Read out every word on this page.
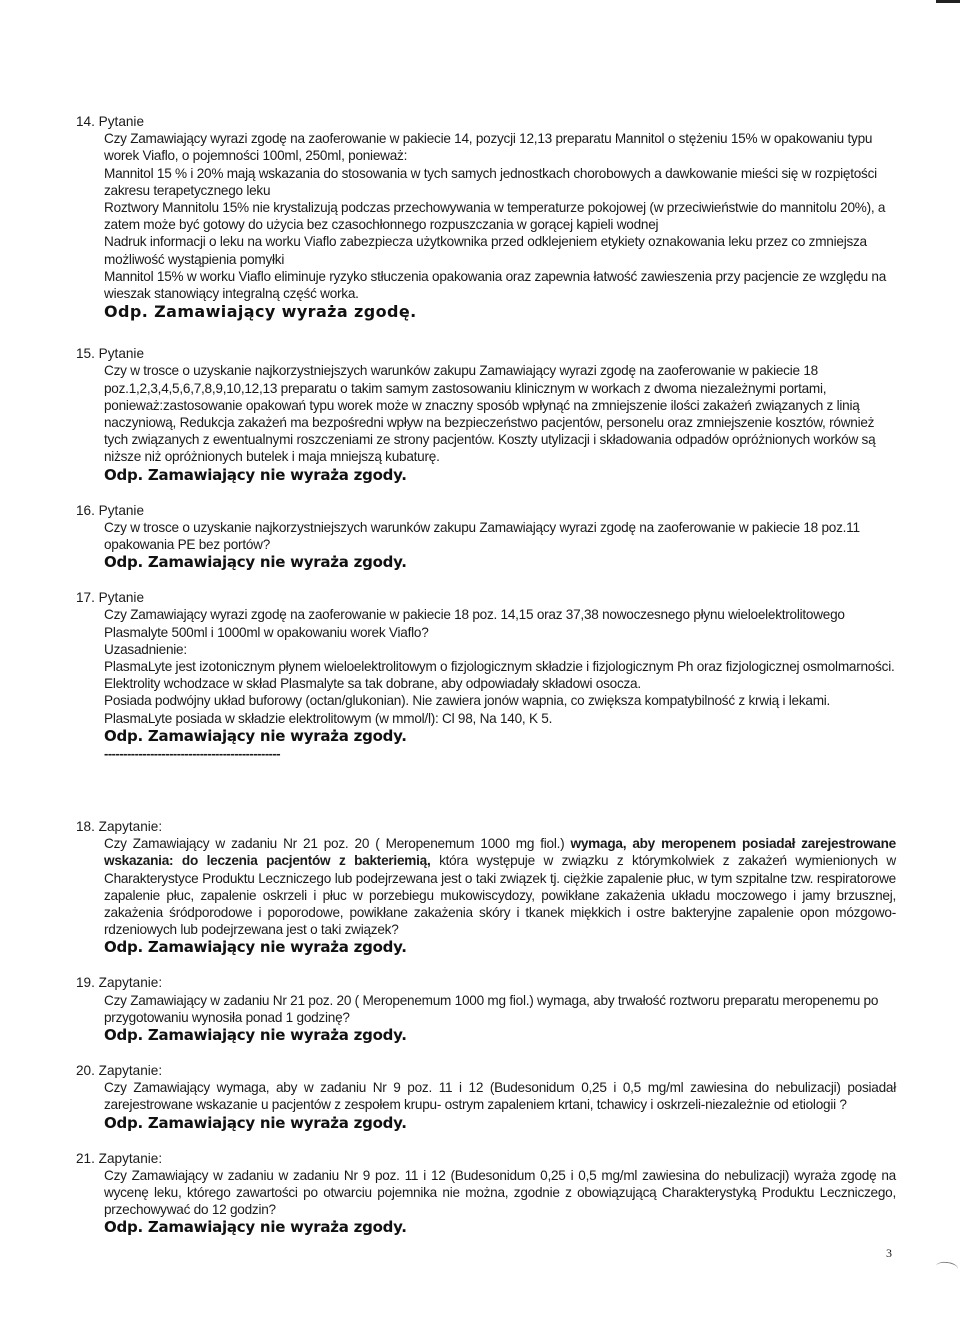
14. Pytanie

Czy Zamawiający wyrazi zgodę na zaoferowanie w pakiecie 14, pozycji 12,13 preparatu Mannitol o stężeniu 15% w opakowaniu typu worek Viaflo, o pojemności 100ml, 250ml, ponieważ:

Mannitol 15 % i 20% mają wskazania do stosowania w tych samych jednostkach chorobowych a dawkowanie mieści się w rozpiętości zakresu terapetycznego leku

Roztwory Mannitolu 15% nie krystalizują podczas przechowywania w temperaturze pokojowej (w przeciwieństwie do mannitolu 20%), a zatem może być gotowy do użycia bez czasochłonnego rozpuszczania w gorącej kąpieli wodnej

Nadruk informacji o leku na worku Viaflo zabezpiecza użytkownika przed odklejeniem etykiety oznakowania leku przez co zmniejsza możliwość wystąpienia pomyłki

Mannitol 15% w worku Viaflo eliminuje ryzyko stłuczenia opakowania oraz zapewnia łatwość zawieszenia przy pacjencie ze względu na wieszak stanowiący integralną część worka.

Odp. Zamawiający wyraża zgodę.

15. Pytanie

Czy w trosce o uzyskanie najkorzystniejszych warunków zakupu Zamawiający wyrazi zgodę na zaoferowanie w pakiecie 18 poz.1,2,3,4,5,6,7,8,9,10,12,13 preparatu o takim samym zastosowaniu klinicznym w workach z dwoma niezależnymi portami, ponieważ:zastosowanie opakowań typu worek może w znaczny sposób wpłynąć na zmniejszenie ilości zakażeń związanych z linią naczyniową, Redukcja zakażeń ma bezpośredni wpływ na bezpieczeństwo pacjentów, personelu oraz zmniejszenie kosztów, również tych związanych z ewentualnymi roszczeniami ze strony pacjentów. Koszty utylizacji i składowania odpadów opróżnionych worków są niższe niż opróżnionych butelek i maja mniejszą kubaturę.

Odp. Zamawiający nie wyraża zgody.

16. Pytanie

Czy w trosce o uzyskanie najkorzystniejszych warunków zakupu Zamawiający wyrazi zgodę na zaoferowanie w pakiecie 18 poz.11 opakowania PE bez portów?

Odp. Zamawiający nie wyraża zgody.

17. Pytanie

Czy Zamawiający wyrazi zgodę na zaoferowanie w pakiecie 18 poz. 14,15 oraz 37,38 nowoczesnego płynu wieloelektrolitowego Plasmalyte 500ml i 1000ml w opakowaniu worek Viaflo?

Uzasadnienie:

PlasmaLyte jest izotonicznym płynem wieloelektrolitowym o fizjologicznym składzie i fizjologicznym Ph oraz fizjologicznej osmolmarności. Elektrolity wchodzace w skład Plasmalyte sa tak dobrane, aby odpowiadały składowi osocza.

Posiada podwójny układ buforowy (octan/glukonian). Nie zawiera jonów wapnia, co zwiększa kompatybilność z krwią i lekami.

PlasmaLyte posiada w składzie elektrolitowym (w mmol/l): Cl 98, Na 140, K 5.

Odp. Zamawiający nie wyraża zgody.

----------------------------------------------

18. Zapytanie:

Czy Zamawiający w zadaniu Nr 21 poz. 20 ( Meropenemum 1000 mg fiol.) wymaga, aby meropenem posiadał zarejestrowane wskazania: do leczenia pacjentów z bakteriemią, która występuje w związku z którymkolwiek z zakażeń wymienionych w Charakterystyce Produktu Leczniczego lub podejrzewana jest o taki związek tj. ciężkie zapalenie płuc, w tym szpitalne tzw. respiratorowe zapalenie płuc, zapalenie oskrzeli i płuc w porzebiegu mukowiscydozy, powikłane zakażenia układu moczowego i jamy brzusznej, zakażenia śródporodowe i poporodowe, powikłane zakażenia skóry i tkanek miękkich i ostre bakteryjne zapalenie opon mózgowo-rdzeniowych lub podejrzewana jest o taki związek?

Odp. Zamawiający nie wyraża zgody.

19. Zapytanie:

Czy Zamawiający w zadaniu Nr 21 poz. 20 ( Meropenemum 1000 mg fiol.) wymaga, aby trwałość roztworu preparatu meropenemu po przygotowaniu wynosiła ponad 1 godzinę?

Odp. Zamawiający nie wyraża zgody.

20. Zapytanie:

Czy Zamawiający wymaga, aby w zadaniu Nr 9 poz. 11 i 12 (Budesonidum 0,25 i 0,5 mg/ml zawiesina do nebulizacji) posiadał zarejestrowane wskazanie u pacjentów z zespołem krupu- ostrym zapaleniem krtani, tchawicy i oskrzeli-niezależnie od etiologii ?

Odp. Zamawiający nie wyraża zgody.

21. Zapytanie:

Czy Zamawiający w zadaniu w zadaniu Nr 9 poz. 11 i 12 (Budesonidum 0,25 i 0,5 mg/ml zawiesina do nebulizacji) wyraża zgodę na wycenę leku, którego zawartości po otwarciu pojemnika nie można, zgodnie z obowiązującą Charakterystyką Produktu Leczniczego, przechowywać do 12 godzin?

Odp. Zamawiający nie wyraża zgody.

3
